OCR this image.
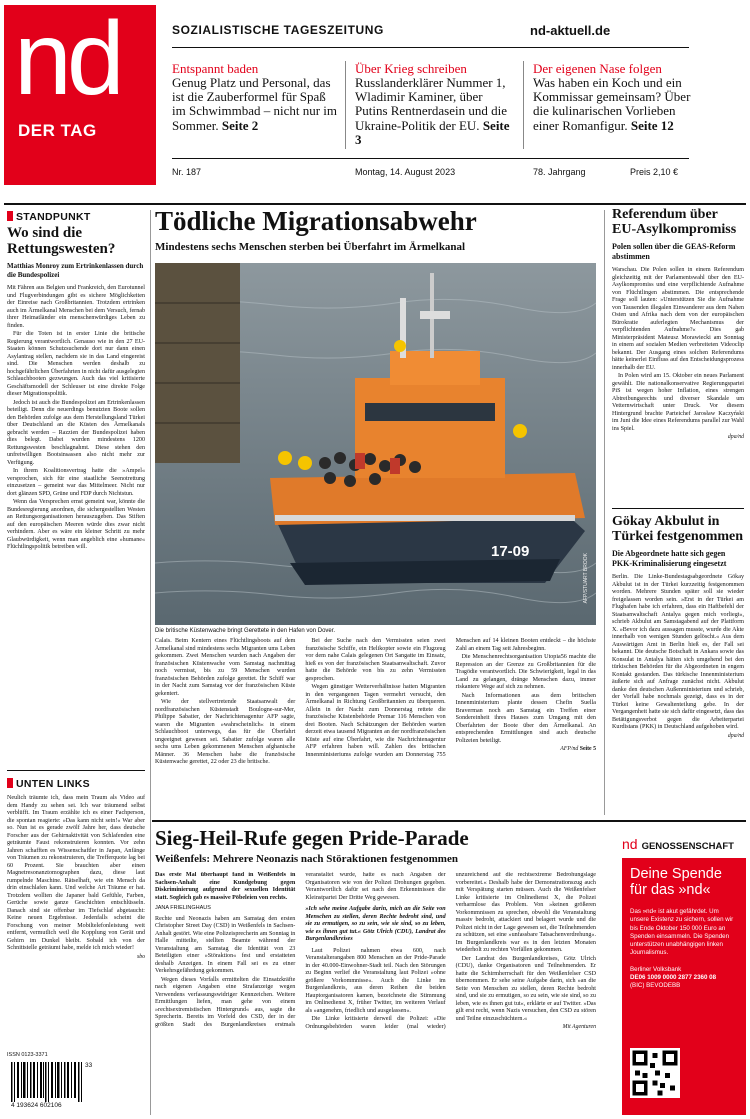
nd
DER TAG
SOZIALISTISCHE TAGESZEITUNG	nd-aktuell.de
Entspannt baden
Genug Platz und Personal, das ist die Zauberformel für Spaß im Schwimmbad – nicht nur im Sommer. Seite 2
Über Krieg schreiben
Russlanderklärer Nummer 1, Wladimir Kaminer, über Putins Rentnerdasein und die Ukraine-Politik der EU. Seite 3
Der eigenen Nase folgen
Was haben ein Koch und ein Kommissar gemeinsam? Über die kulinarischen Vorlieben einer Romanfigur. Seite 12
Nr. 187	Montag, 14. August 2023	78. Jahrgang	Preis 2,10 €
STANDPUNKT
Wo sind die Rettungswesten?
Matthias Monroy zum Ertrinkenlassen durch die Bundespolizei

Mit Fähren aus Belgien und Frankreich, den Eurotunnel und Flugverbindungen gibt es sichere Möglichkeiten der Einreise nach Großbritannien. Trotzdem ertrinken auch im Ärmelkanal Menschen bei dem Versuch, fernab ihrer Heimatländer ein menschenwürdiges Leben zu finden.

Für die Toten ist in erster Linie die britische Regierung verantwortlich. Genauso wie in den 27 EU-Staaten können Schutzsuchende dort nur dann einen Asylantrag stellen, nachdem sie in das Land eingereist sind. Die Menschen werden deshalb zu hochgefährlichen Überfahrten in nicht dafür ausgelegten Schlauchbooten gezwungen. Auch das viel kritisierte Geschäftsmodell der Schleuser ist eine direkte Folge dieser Migrationspolitik.

Jedoch ist auch die Bundespolizei am Ertrinkenlassen beteiligt. Denn die neuerdings benutzten Boote sollen den Behörden zufolge aus dem Herstellungsland Türkei über Deutschland an die Küsten des Ärmelkanals gebracht werden – Razzien der Bundespolizei haben dies belegt. Dabei wurden mindestens 1200 Rettungswesten beschlagnahmt. Diese stehen den unfreiwilligen Bootsinsassen also nicht mehr zur Verfügung.

In ihrem Koalitionsvertrag hatte die »Ampel« versprochen, sich für eine staatliche Seenotrettung einzusetzen – gemeint war das Mittelmeer. Nicht nur dort glänzen SPD, Grüne und FDP durch Nichtstun.

Wenn das Versprechen ernst gemeint war, könnte die Bundesregierung anordnen, die sichergestellten Westen an Rettungsorganisationen herauszugeben. Das Stiften auf den europäischen Meeren würde dies zwar nicht verhindern. Aber es wäre ein kleiner Schritt zu mehr Glaubwürdigkeit, wenn man angeblich eine »humane« Flüchtlingspolitik betreiben will.

UNTEN LINKS

Neulich träumte ich, dass mein Traum als Video auf dem Handy zu sehen sei. Ich war träumend selbst verblüfft. Im Traum erzählte ich es einer Fachperson, die spontan reagierte: »Das kann nicht sein!« War aber so. Nun ist es gerade zwölf Jahre her, dass deutsche Forscher aus der Gehirnaktivität von Schlafenden eine geträumte Faust rekonstruieren konnten. Vor zehn Jahren schafften es Wissenschaftler in Japan, Anfänge von Träumen zu rekonstruieren, die Trefferquote lag bei 60 Prozent. Sie brauchten aber einen Magnetresonanztomographen dazu, diese laut rumpelnde Maschine. Rätselhaft, wie ein Mensch da drin einschlafen kann. Und welche Art Träume er hat. Trotzdem wollten die Japaner bald Gefühle, Farben, Gerüche sowie ganze Geschichten entschlüsseln. Danach sind sie offenbar im Tiefschlaf abgetaucht: Keine neuen Ergebnisse. Jedenfalls scheint die Forschung von meiner Mobiltelefonleistung weit entfernt, vermutlich weil die Kopplung von Gerät und Gehirn im Dunkel bleibt. Sobald ich von der Schnittstelle geträumt habe, melde ich mich wieder!

sbo
ISSN 0123-3371
4 193624 602106
33
Tödliche Migrationsabwehr
Mindestens sechs Menschen sterben bei Überfahrt im Ärmelkanal
17-09
AFP/STUART BROOK
Die britische Küstenwache bringt Gerettete in den Hafen von Dover.

Calais. Beim Kentern eines Flüchtlingsboots auf dem Ärmelkanal sind mindestens sechs Migranten ums Leben gekommen. Zwei Menschen wurden nach Angaben der französischen Küstenwache vom Samstag nachmittag noch vermisst, bis zu 59 Menschen wurden französischen Behörden zufolge gerettet. Ihr Schiff war in der Nacht zum Samstag vor der französischen Küste gekentert.

Wie der stellvertretende Staatsanwalt der nordfranzösischen Küstenstadt Boulogne-sur-Mer, Philippe Sabatier, der Nachrichtenagentur AFP sagte, waren die Migranten »wahrscheinlich« in einem Schlauchboot unterwegs, das für die Überfahrt ungeeignet gewesen sei. Sabatier zufolge waren alle sechs ums Leben gekommenen Menschen afghanische Männer. 36 Menschen habe die französische Küstenwache gerettet, 22 oder 23 die britische.

Bei der Suche nach den Vermissten seien zwei französische Schiffe, ein Helikopter sowie ein Flugzeug vor dem nahe Calais gelegenen Ort Sangatte im Einsatz, hieß es von der französischen Staatsanwaltschaft. Zuvor hatte die Behörde von bis zu zehn Vermissten gesprochen.

Wegen günstiger Wetterverhältnisse hatten Migranten in den vergangenen Tagen vermehrt versucht, den Ärmelkanal in Richtung Großbritannien zu überqueren. Allein in der Nacht zum Donnerstag rettete die französische Küstenbehörde Premar 116 Menschen von drei Booten. Nach Schätzungen der Behörden warten derzeit etwa tausend Migranten an der nordfranzösischen Küste auf eine Überfahrt, wie die Nachrichtenagentur AFP erfahren haben will. Zahlen des britischen Innenministeriums zufolge wurden am Donnerstag 755 Menschen auf 14 kleinen Booten entdeckt – die höchste Zahl an einem Tag seit Jahresbeginn.

Die Menschenrechtsorganisation Utopia56 machte die Repression an der Grenze zu Großbritannien für die Tragödie verantwortlich. Die Schwierigkeit, legal in das Land zu gelangen, dränge Menschen dazu, immer riskantere Wege auf sich zu nehmen.

Nach Informationen aus dem britischen Innenministerium plante dessen Chefin Suella Braverman noch am Samstag ein Treffen einer Sondereinheit ihres Hauses zum Umgang mit den Überfahrten der Boote über den Ärmelkanal. An entsprechenden Ermittlungen sind auch deutsche Polizeien beteiligt.

AFP/nd Seite 5
Referendum über EU-Asylkompromiss
Polen sollen über die GEAS-Reform abstimmen

Warschau. Die Polen sollen in einem Referendum gleichzeitig mit der Parlamentswahl über den EU-Asylkompromiss und eine verpflichtende Aufnahme von Flüchtlingen abstimmen. Die entsprechende Frage soll lauten: »Unterstützen Sie die Aufnahme von Tausenden illegalen Einwanderer aus dem Nahen Osten und Afrika nach dem von der europäischen Bürokratie auferlegten Mechanismus der verpflichtenden Aufnahme?« Dies gab Ministerpräsident Mateusz Morawiecki am Sonntag in einem auf sozialen Medien verbreiteten Videoclip bekannt. Der Ausgang eines solchen Referendums hätte keinerlei Einfluss auf den Entscheidungsprozess innerhalb der EU.

In Polen wird am 15. Oktober ein neues Parlament gewählt. Die nationalkonservative Regierungspartei PiS ist wegen hoher Inflation, eines strengen Abtreibungsrechts und diverser Skandale um Vetternwirtschaft unter Druck. Vor diesem Hintergrund brachte Parteichef Jarosław Kaczyński im Juni die Idee eines Referendums parallel zur Wahl ins Spiel.

dpa/nd
Gökay Akbulut in Türkei festgenommen
Die Abgeordnete hatte sich gegen PKK-Kriminalisierung eingesetzt

Berlin. Die Linke-Bundestagsabgeordnete Gökay Akbulut ist in der Türkei kurzzeitig festgenommen worden. Mehrere Stunden später soll sie wieder freigelassen worden sein. »Erst in der Türkei am Flughafen habe ich erfahren, dass ein Haftbefehl der Staatsanwaltschaft Antalya gegen mich vorliegt«, schrieb Akbulut am Samstagabend auf der Plattform X. »Bevor ich dazu aussagen musste, wurde die Akte innerhalb von wenigen Stunden gelöscht.« Aus dem Auswärtigen Amt in Berlin hieß es, der Fall sei bekannt. Die deutsche Botschaft in Ankara sowie das Konsulat in Antalya hätten sich umgehend bei den türkischen Behörden für die Abgeordneten in engem Kontakt gestanden. Das türkische Innenministerium äußerte sich auf Anfrage zunächst nicht. Akbulut danke den deutschen Außenministerium und schrieb, der Vorfall habe nochmals gezeigt, dass es in der Türkei keine Gewaltenteilung gebe. In der Vergangenheit hatte sie sich dafür eingesetzt, dass das Betätigungsverbot gegen die Arbeiterpartei Kurdistans (PKK) in Deutschland aufgehoben wird.

dpa/nd
Sieg-Heil-Rufe gegen Pride-Parade
Weißenfels: Mehrere Neonazis nach Störaktionen festgenommen

Das erste Mal überhaupt fand in Weißenfels in Sachsen-Anhalt eine Kundgebung gegen Diskriminierung aufgrund der sexuellen Identität statt. Sogleich gab es massive Pöbeleien von rechts.

JANA FRIELINGHAUS

Rechte und Neonazis haben am Samstag den ersten Christopher Street Day (CSD) in Weißenfels in Sachsen-Anhalt gestört. Wie eine Polizeisprecherin am Sonntag in Halle mitteilte, stellten Beamte während der Veranstaltung am Samstag die Identität von 23 Beteiligten einer »Störaktion« fest und erstatteten deshalb Anzeigen. In einem Fall sei es zu einer Verkehrsgefährdung gekommen.

Wegen dieses Vorfalls ermittelten die Einsatzkräfte nach eigenen Angaben eine Strafanzeige wegen Verwendens verfassungswidriger Kennzeichen. Weitere Ermittlungen liefen, man gehe von einem »rechtsextremistischen Hintergrund« aus, sagte die Sprecherin. Bereits im Vorfeld des CSD, der in der größten Stadt des Burgenlandkreises erstmals veranstaltet wurde, hatte es nach Angaben der Organisatoren wie von der Polizei Drohungen gegeben. Verantwortlich dafür sei nach den Erkenntnissen die Kleinstpartei Der Dritte Weg gewesen.

»Ich sehe meine Aufgabe darin, mich an die Seite von Menschen zu stellen, deren Rechte bedroht sind, und sie zu ermutigen, so zu sein, wie sie sind, so zu leben, wie es ihnen gut tut.« Götz Ulrich (CDU), Landrat des Burgenlandkreises

Laut Polizei nahmen etwa 600, nach Veranstalterangaben 800 Menschen an der Pride-Parade in der 40.000-Einwohner-Stadt teil. Nach den Störungen zu Beginn verlief die Veranstaltung laut Polizei »ohne größere Vorkommnisse«. Auch die Linke im Burgenlandkreis, aus deren Reihen die beiden Hauptorganisatoren kamen, bezeichnete die Stimmung im Onlinedienst X, früher Twitter, im weiteren Verlauf als »angenehm, friedlich und ausgelassen«.

Die Linke kritisierte derweil die Polizei: »Die Ordnungsbehörden waren leider (mal wieder) unzureichend auf die rechtsextreme Bedrohungslage vorbereitet.« Deshalb habe der Demonstrationszug auch mit Verspätung starten müssen. Auch die Weißenfelser Linke kritisierte im Onlinedienst X, die Polizei verharmlose das Problem. Von »keinen größeren Vorkommnissen zu sprechen, obwohl die Veranstaltung massiv bedroht, attackiert und belagert wurde und die Polizei nicht in der Lage gewesen sei, die Teilnehmenden zu schützen, sei eine »unfassbare Tatsachenverdrehung«. Im Burgenlandkreis war es in den letzten Monaten wiederholt zu rechten Vorfällen gekommen.

Der Landrat des Burgenlandkreises, Götz Ulrich (CDU), danke Organisatoren und Teilnehmenden. Er hatte die Schirmherrschaft für den Weißenfelser CSD übernommen. Er sehe seine Aufgabe darin, sich »an die Seite von Menschen zu stellen, deren Rechte bedroht sind, und sie zu ermutigen, so zu sein, wie sie sind, so zu leben, wie es ihnen gut tut«, erklärte er auf Twitter. »Das gilt erst recht, wenn Nazis versuchen, den CSD zu stören und Teilne einzuschüchtern.«

Mit Agenturen
nd GENOSSENSCHAFT
Deine Spende für das »nd«
Das »nd« ist akut gefährdet. Um unsere Existenz zu sichern, sollen wir bis Ende Oktober 150 000 Euro an Spenden einsammeln. Die Spenden unterstützen unabhängigen linken Journalismus.
Berliner Volksbank
DE06 1009 0000 2877 2360 08
(BIC) BEVODEBB
